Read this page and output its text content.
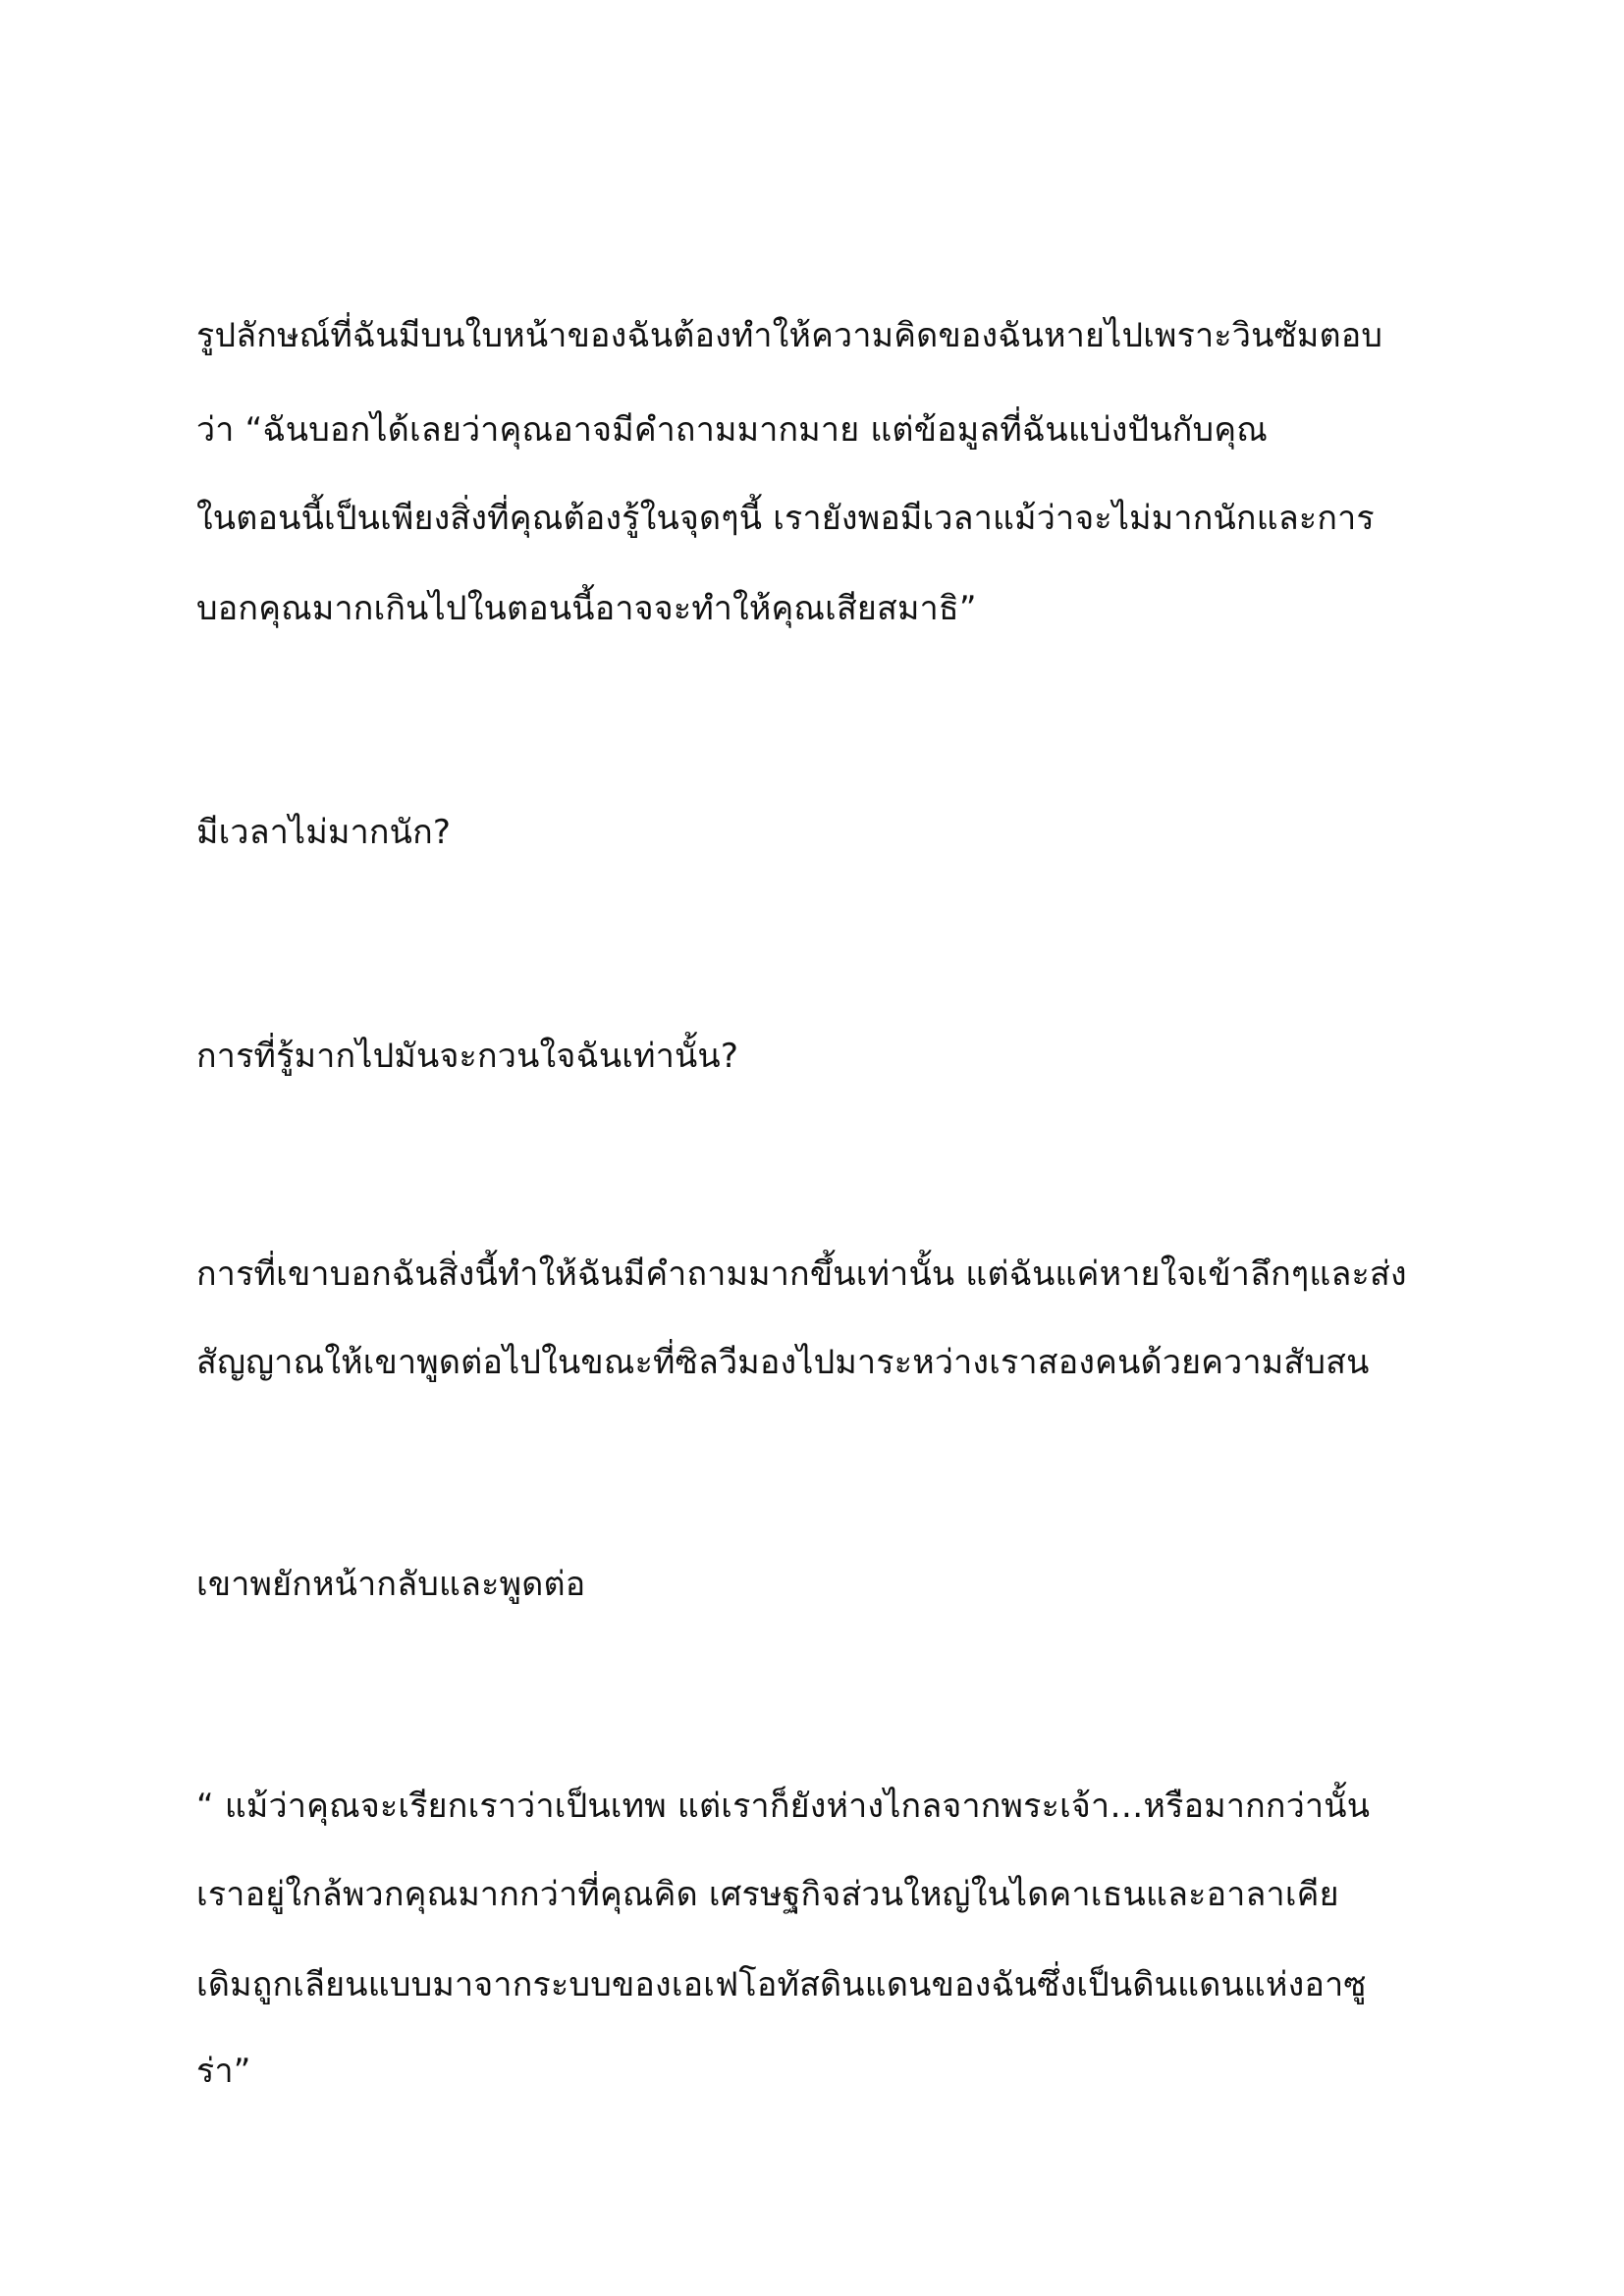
รูปลักษณ์ที่ฉันมีบนใบหน้าของฉันต้องทำให้ความคิดของฉันหายไปเพราะวินซัมตอบ
ว่า “ฉันบอกได้เลยว่าคุณอาจมีคำถามมากมาย แต่ข้อมูลที่ฉันแบ่งปันกับคุณ
ในตอนนี้เป็นเพียงสิ่งที่คุณต้องรู้ในจุดๆนี้ เรายังพอมีเวลาแม้ว่าจะไม่มากนักและการ
บอกคุณมากเกินไปในตอนนี้อาจจะทำให้คุณเสียสมาธิ”
มีเวลาไม่มากนัก?
การที่รู้มากไปมันจะกวนใจฉันเท่านั้น?
การที่เขาบอกฉันสิ่งนี้ทำให้ฉันมีคำถามมากขึ้นเท่านั้น แต่ฉันแค่หายใจเข้าลึกๆและส่ง
สัญญาณให้เขาพูดต่อไปในขณะที่ซิลวีมองไปมาระหว่างเราสองคนด้วยความสับสน
เขาพยักหน้ากลับและพูดต่อ
“ แม้ว่าคุณจะเรียกเราว่าเป็นเทพ แต่เราก็ยังห่างไกลจากพระเจ้า…หรือมากกว่านั้น
เราอยู่ใกล้พวกคุณมากกว่าที่คุณคิด เศรษฐกิจส่วนใหญ่ในไดคาเธนและอาลาเคีย
เดิมถูกเลียนแบบมาจากระบบของเอเฟโอทัสดินแดนของฉันซึ่งเป็นดินแดนแห่งอาซู
ร่า”
